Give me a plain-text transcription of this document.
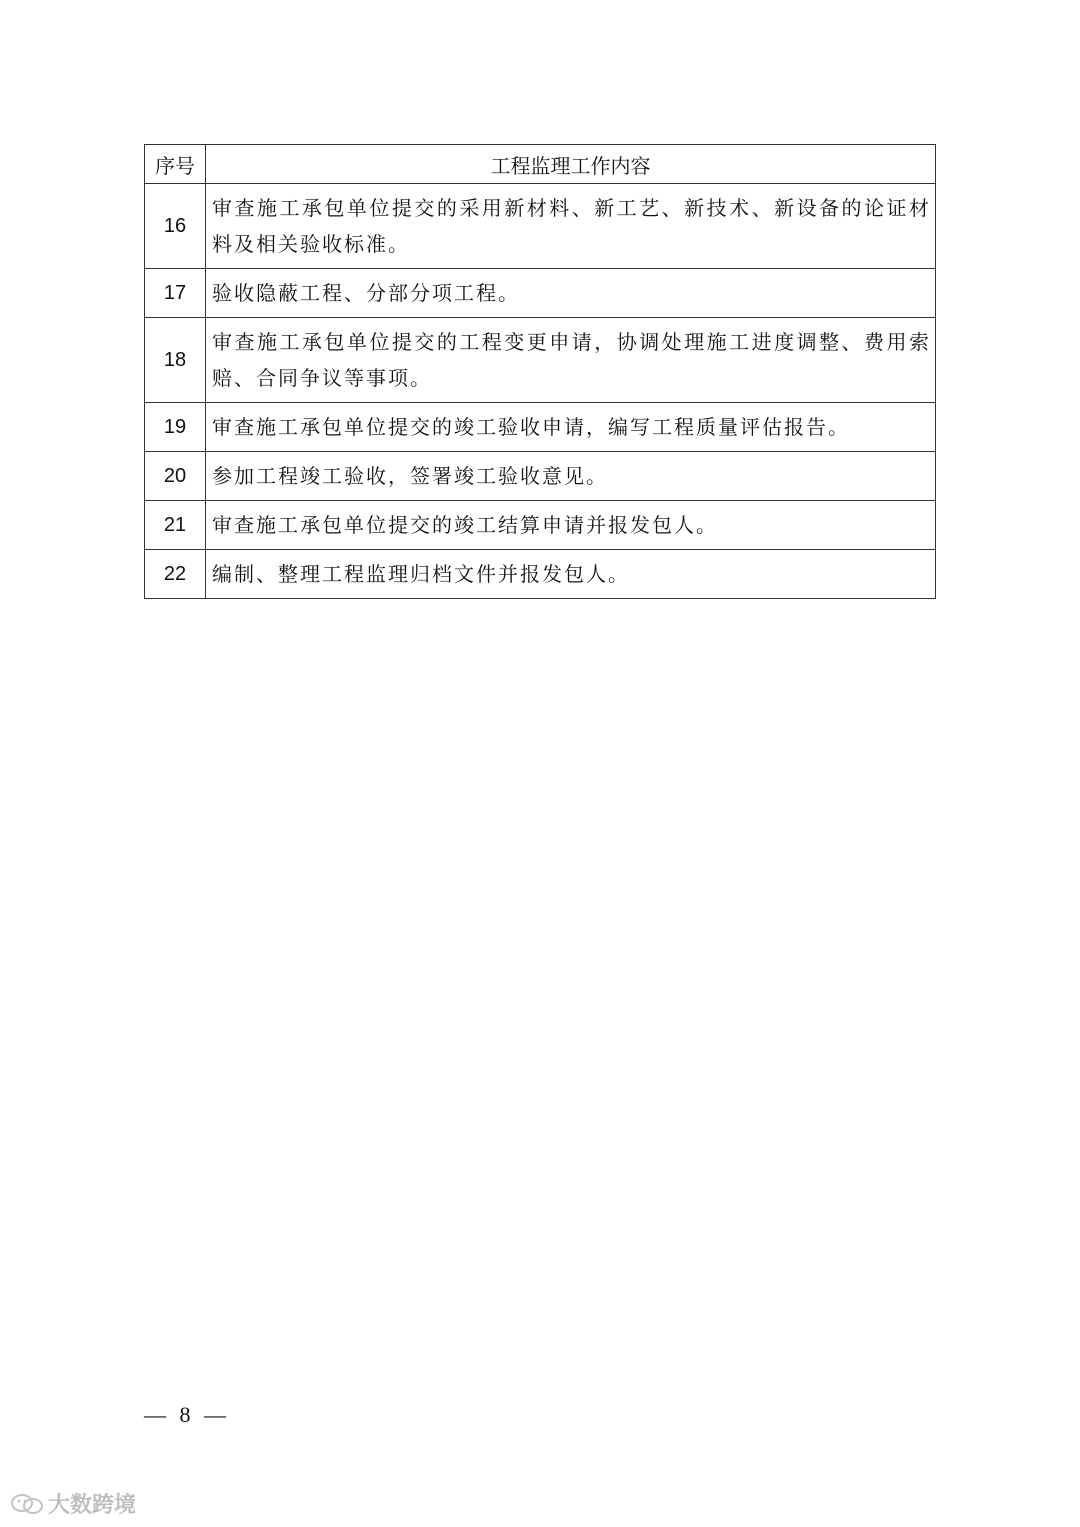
序号	工程监理工作内容
16	审查施工承包单位提交的采用新材料、新工艺、新技术、新设备的论证材料及相关验收标准。
17	验收隐蔽工程、分部分项工程。
18	审查施工承包单位提交的工程变更申请，协调处理施工进度调整、费用索赔、合同争议等事项。
19	审查施工承包单位提交的竣工验收申请，编写工程质量评估报告。
20	参加工程竣工验收，签署竣工验收意见。
21	审查施工承包单位提交的竣工结算申请并报发包人。
22	编制、整理工程监理归档文件并报发包人。
— 8 —
大数跨境
